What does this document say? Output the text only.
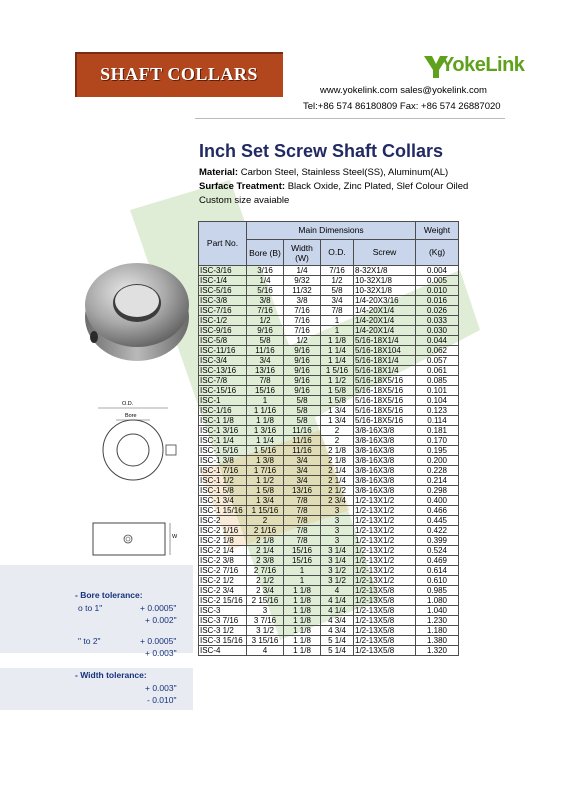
SHAFT COLLARS	YokeLink
www.yokelink.com sales@yokelink.com
Tel:+86 574 86180809 Fax: +86 574 26887020
Inch Set Screw Shaft Collars
Material: Carbon Steel, Stainless Steel(SS), Aluminum(AL)
Surface Treatment: Black Oxide, Zinc Plated, Slef Colour Oiled
Custom size avaiable
O.D.
Bore
W
- Bore tolerance:
o to 1"	+ 0.0005"
+ 0.002"
" to 2"	+ 0.0005"
+ 0.003"
- Width tolerance:
+ 0.003"
- 0.010"
Part No.	Main Dimensions				Weight
	Bore (B)	Width (W)	O.D.	Screw	(Kg)
ISC-3/16	3/16	1/4	7/16	8-32X1/8	0.004
ISC-1/4	1/4	9/32	1/2	10-32X1/8	0.005
ISC-5/16	5/16	11/32	5/8	10-32X1/8	0.010
ISC-3/8	3/8	3/8	3/4	1/4-20X3/16	0.016
ISC-7/16	7/16	7/16	7/8	1/4-20X1/4	0.026
ISC-1/2	1/2	7/16	1	1/4-20X1/4	0.033
ISC-9/16	9/16	7/16	1	1/4-20X1/4	0.030
ISC-5/8	5/8	1/2	1 1/8	5/16-18X1/4	0.044
ISC-11/16	11/16	9/16	1 1/4	5/16-18X104	0.062
ISC-3/4	3/4	9/16	1 1/4	5/16-18X1/4	0.057
ISC-13/16	13/16	9/16	1 5/16	5/16-18X1/4	0.061
ISC-7/8	7/8	9/16	1 1/2	5/16-18X5/16	0.085
ISC-15/16	15/16	9/16	1 5/8	5/16-18X5/16	0.101
ISC-1	1	5/8	1 5/8	5/16-18X5/16	0.104
ISC-1/16	1 1/16	5/8	1 3/4	5/16-18X5/16	0.123
ISC-1 1/8	1 1/8	5/8	1 3/4	5/16-18X5/16	0.114
ISC-1 3/16	1 3/16	11/16	2	3/8-16X3/8	0.181
ISC-1 1/4	1 1/4	11/16	2	3/8-16X3/8	0.170
ISC-1 5/16	1 5/16	11/16	2 1/8	3/8-16X3/8	0.195
ISC-1 3/8	1 3/8	3/4	2 1/8	3/8-16X3/8	0.200
ISC-1 7/16	1 7/16	3/4	2 1/4	3/8-16X3/8	0.228
ISC-1 1/2	1 1/2	3/4	2 1/4	3/8-16X3/8	0.214
ISC-1 5/8	1 5/8	13/16	2 1/2	3/8-16X3/8	0.298
ISC-1 3/4	1 3/4	7/8	2 3/4	1/2-13X1/2	0.400
ISC-1 15/16	1 15/16	7/8	3	1/2-13X1/2	0.466
ISC-2	2	7/8	3	1/2-13X1/2	0.445
ISC-2 1/16	2 1/16	7/8	3	1/2-13X1/2	0.422
ISC-2 1/8	2 1/8	7/8	3	1/2-13X1/2	0.399
ISC-2 1/4	2 1/4	15/16	3 1/4	1/2-13X1/2	0.524
ISC-2 3/8	2 3/8	15/16	3 1/4	1/2-13X1/2	0.469
ISC-2 7/16	2 7/16	1	3 1/2	1/2-13X1/2	0.614
ISC-2 1/2	2 1/2	1	3 1/2	1/2-13X1/2	0.610
ISC-2 3/4	2 3/4	1 1/8	4	1/2-13X5/8	0.985
ISC-2 15/16	2 15/16	1 1/8	4 1/4	1/2-13X5/8	1.080
ISC-3	3	1 1/8	4 1/4	1/2-13X5/8	1.040
ISC-3 7/16	3 7/16	1 1/8	4 3/4	1/2-13X5/8	1.230
ISC-3 1/2	3 1/2	1 1/8	4 3/4	1/2-13X5/8	1.180
ISC-3 15/16	3 15/16	1 1/8	5 1/4	1/2-13X5/8	1.380
ISC-4	4	1 1/8	5 1/4	1/2-13X5/8	1.320
